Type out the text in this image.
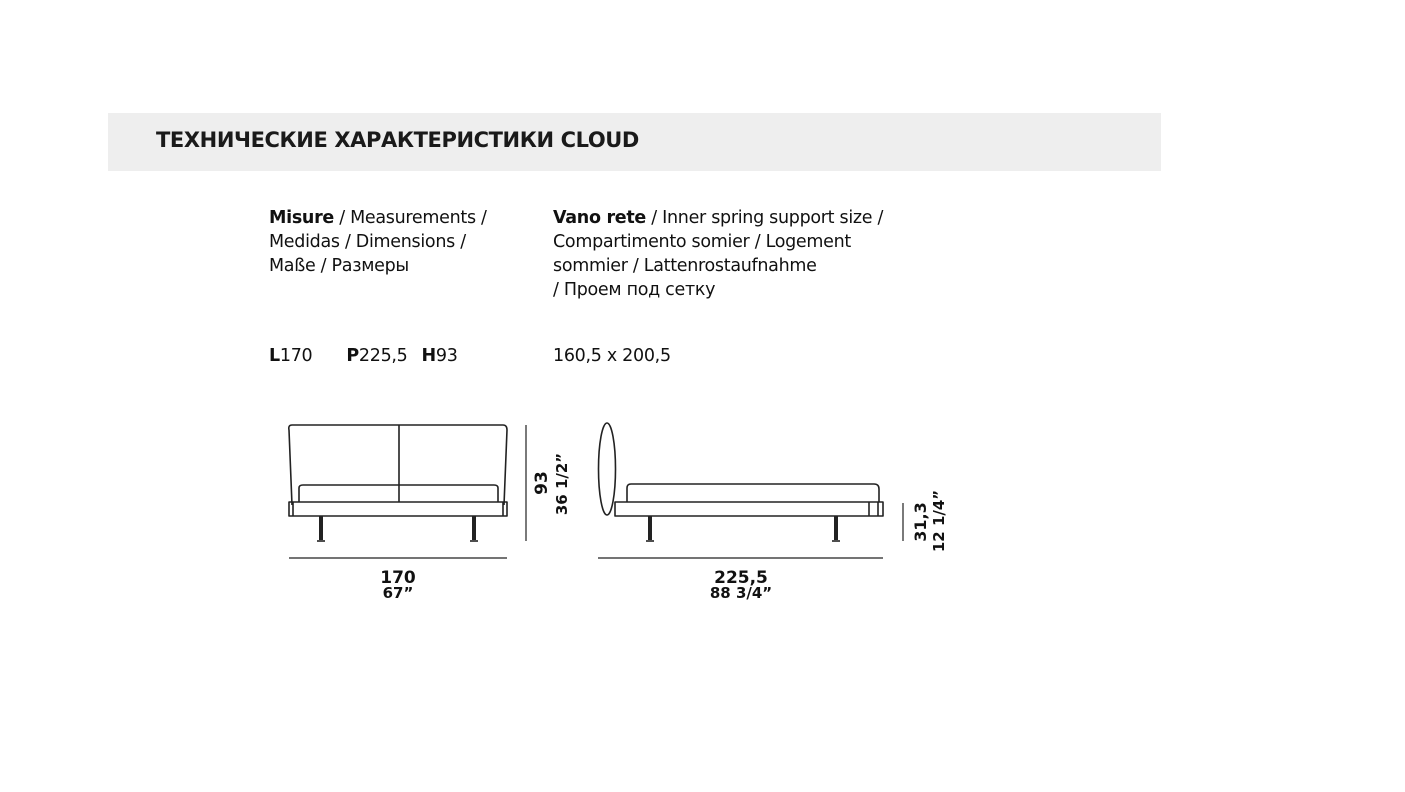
ТЕХНИЧЕСКИЕ ХАРАКТЕРИСТИКИ CLOUD
Misure / Measurements /
Medidas / Dimensions /
Maße / Размеры
Vano rete / Inner spring support size /
Compartimento somier / Logement
sommier / Lattenrostaufnahme
/ Проем под сетку
L170 P225,5 H93	160,5 x 200,5
170
67”
93 36 1/2”
225,5
88 3/4”
31,3 12 1/4”
